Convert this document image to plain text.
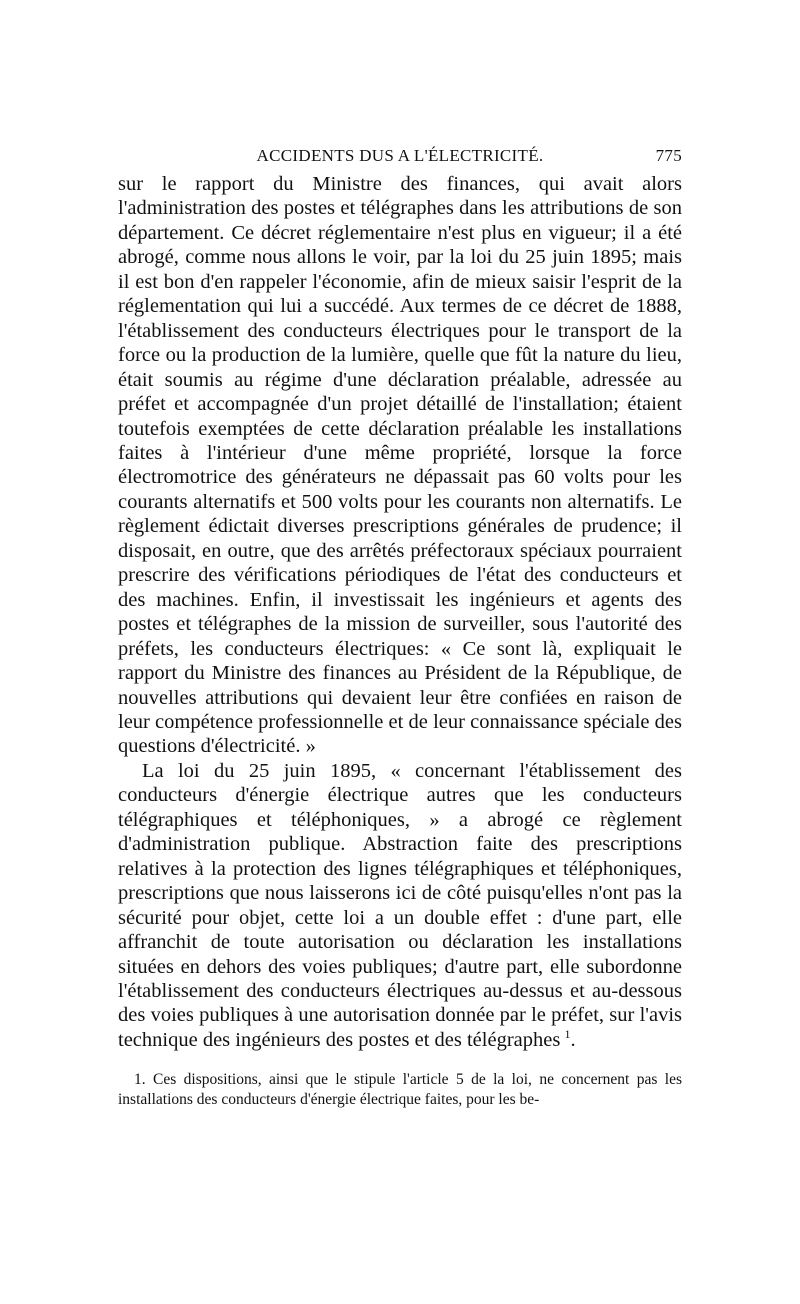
ACCIDENTS DUS A L'ÉLECTRICITÉ.	775

sur le rapport du Ministre des finances, qui avait alors l'administration des postes et télégraphes dans les attributions de son département. Ce décret réglementaire n'est plus en vigueur; il a été abrogé, comme nous allons le voir, par la loi du 25 juin 1895; mais il est bon d'en rappeler l'économie, afin de mieux saisir l'esprit de la réglementation qui lui a succédé. Aux termes de ce décret de 1888, l'établissement des conducteurs électriques pour le transport de la force ou la production de la lumière, quelle que fût la nature du lieu, était soumis au régime d'une déclaration préalable, adressée au préfet et accompagnée d'un projet détaillé de l'installation; étaient toutefois exemptées de cette déclaration préalable les installations faites à l'intérieur d'une même propriété, lorsque la force électromotrice des générateurs ne dépassait pas 60 volts pour les courants alternatifs et 500 volts pour les courants non alternatifs. Le règlement édictait diverses prescriptions générales de prudence; il disposait, en outre, que des arrêtés préfectoraux spéciaux pourraient prescrire des vérifications périodiques de l'état des conducteurs et des machines. Enfin, il investissait les ingénieurs et agents des postes et télégraphes de la mission de surveiller, sous l'autorité des préfets, les conducteurs électriques: « Ce sont là, expliquait le rapport du Ministre des finances au Président de la République, de nouvelles attributions qui devaient leur être confiées en raison de leur compétence professionnelle et de leur connaissance spéciale des questions d'électricité. »

La loi du 25 juin 1895, « concernant l'établissement des conducteurs d'énergie électrique autres que les conducteurs télégraphiques et téléphoniques, » a abrogé ce règlement d'administration publique. Abstraction faite des prescriptions relatives à la protection des lignes télégraphiques et téléphoniques, prescriptions que nous laisserons ici de côté puisqu'elles n'ont pas la sécurité pour objet, cette loi a un double effet : d'une part, elle affranchit de toute autorisation ou déclaration les installations situées en dehors des voies publiques; d'autre part, elle subordonne l'établissement des conducteurs électriques au-dessus et au-dessous des voies publiques à une autorisation donnée par le préfet, sur l'avis technique des ingénieurs des postes et des télégraphes  $^1$.

1. Ces dispositions, ainsi que le stipule l'article 5 de la loi, ne concernent pas les installations des conducteurs d'énergie électrique faites, pour les be-
